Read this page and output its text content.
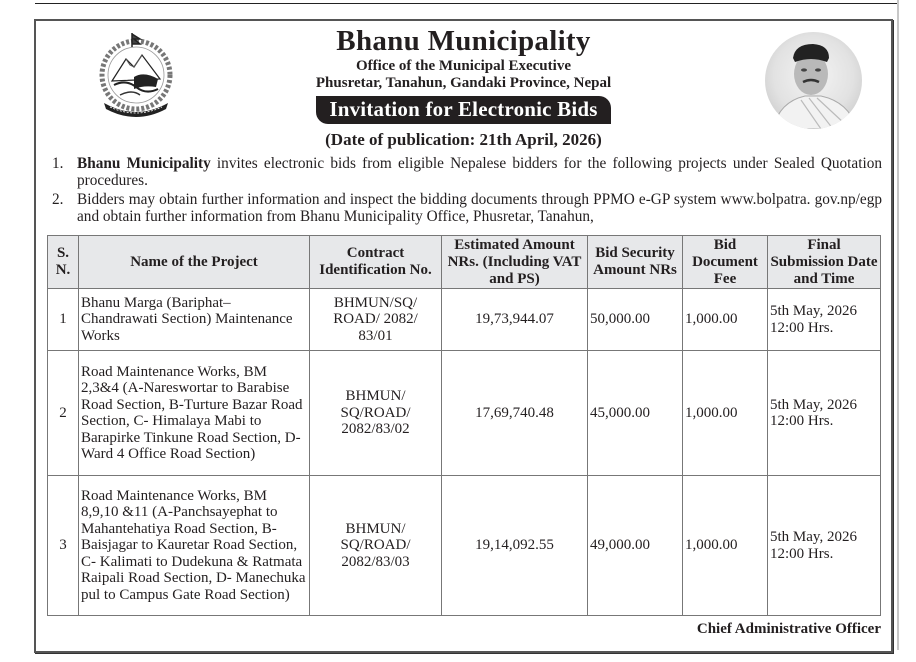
Bhanu Municipality
Office of the Municipal Executive
Phusretar, Tanahun, Gandaki Province, Nepal
Invitation for Electronic Bids
(Date of publication: 21th April, 2026)
1. Bhanu Municipality invites electronic bids from eligible Nepalese bidders for the following projects under Sealed Quotation procedures.
2. Bidders may obtain further information and inspect the bidding documents through PPMO e-GP system www.bolpatra. gov.np/egp and obtain further information from Bhanu Municipality Office, Phusretar, Tanahun,
S. N.	Name of the Project	Contract Identification No.	Estimated Amount NRs. (Including VAT and PS)	Bid Security Amount NRs	Bid Document Fee	Final Submission Date and Time
1	Bhanu Marga (Bariphat–Chandrawati Section) Maintenance Works	BHMUN/SQ/ ROAD/ 2082/ 83/01	19,73,944.07	50,000.00	1,000.00	5th May, 2026 12:00 Hrs.
2	Road Maintenance Works, BM 2,3&4 (A-Nareswortar to Barabise Road Section, B-Turture Bazar Road Section, C- Himalaya Mabi to Barapirke Tinkune Road Section, D- Ward 4 Office Road Section)	BHMUN/ SQ/ROAD/ 2082/83/02	17,69,740.48	45,000.00	1,000.00	5th May, 2026 12:00 Hrs.
3	Road Maintenance Works, BM 8,9,10 &11 (A-Panchsayephat to Mahantehatiya Road Section, B- Baisjagar to Kauretar Road Section, C- Kalimati to Dudekuna & Ratmata Raipali Road Section, D- Manechuka pul to Campus Gate Road Section)	BHMUN/ SQ/ROAD/ 2082/83/03	19,14,092.55	49,000.00	1,000.00	5th May, 2026 12:00 Hrs.
Chief Administrative Officer
